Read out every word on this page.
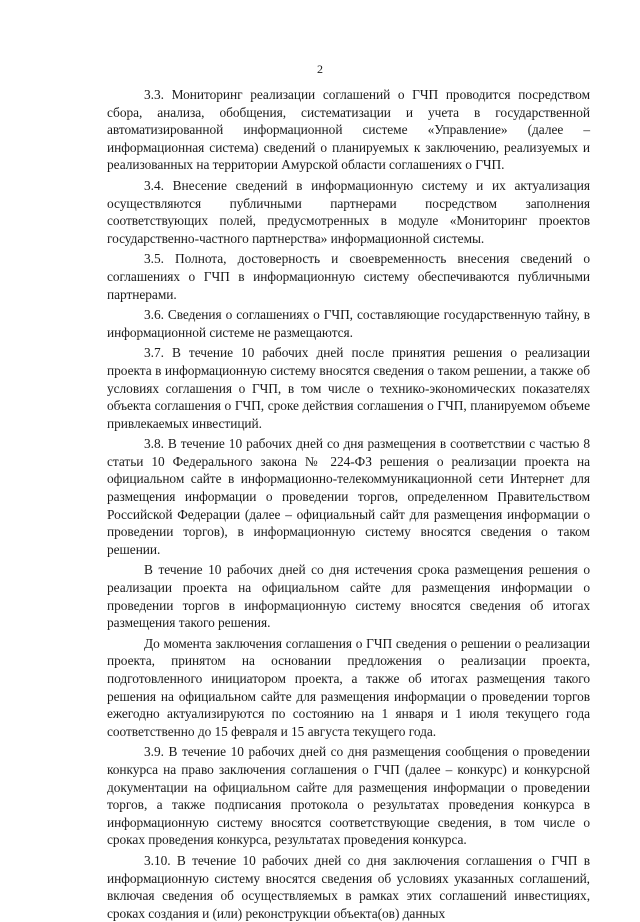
2

3.3. Мониторинг реализации соглашений о ГЧП проводится посредством сбора, анализа, обобщения, систематизации и учета в государственной автоматизированной информационной системе «Управление» (далее – информационная система) сведений о планируемых к заключению, реализуемых и реализованных на территории Амурской области соглашениях о ГЧП.

3.4. Внесение сведений в информационную систему и их актуализация осуществляются публичными партнерами посредством заполнения соответствующих полей, предусмотренных в модуле «Мониторинг проектов государственно-частного партнерства» информационной системы.

3.5. Полнота, достоверность и своевременность внесения сведений о соглашениях о ГЧП в информационную систему обеспечиваются публичными партнерами.

3.6. Сведения о соглашениях о ГЧП, составляющие государственную тайну, в информационной системе не размещаются.

3.7. В течение 10 рабочих дней после принятия решения о реализации проекта в информационную систему вносятся сведения о таком решении, а также об условиях соглашения о ГЧП, в том числе о технико-экономических показателях объекта соглашения о ГЧП, сроке действия соглашения о ГЧП, планируемом объеме привлекаемых инвестиций.

3.8. В течение 10 рабочих дней со дня размещения в соответствии с частью 8 статьи 10 Федерального закона № 224-ФЗ решения о реализации проекта на официальном сайте в информационно-телекоммуникационной сети Интернет для размещения информации о проведении торгов, определенном Правительством Российской Федерации (далее – официальный сайт для размещения информации о проведении торгов), в информационную систему вносятся сведения о таком решении.

В течение 10 рабочих дней со дня истечения срока размещения решения о реализации проекта на официальном сайте для размещения информации о проведении торгов в информационную систему вносятся сведения об итогах размещения такого решения.

До момента заключения соглашения о ГЧП сведения о решении о реализации проекта, принятом на основании предложения о реализации проекта, подготовленного инициатором проекта, а также об итогах размещения такого решения на официальном сайте для размещения информации о проведении торгов ежегодно актуализируются по состоянию на 1 января и 1 июля текущего года соответственно до 15 февраля и 15 августа текущего года.

3.9. В течение 10 рабочих дней со дня размещения сообщения о проведении конкурса на право заключения соглашения о ГЧП (далее – конкурс) и конкурсной документации на официальном сайте для размещения информации о проведении торгов, а также подписания протокола о результатах проведения конкурса в информационную систему вносятся соответствующие сведения, в том числе о сроках проведения конкурса, результатах проведения конкурса.

3.10. В течение 10 рабочих дней со дня заключения соглашения о ГЧП в информационную систему вносятся сведения об условиях указанных соглашений, включая сведения об осуществляемых в рамках этих соглашений инвестициях, сроках создания и (или) реконструкции объекта(ов) данных
